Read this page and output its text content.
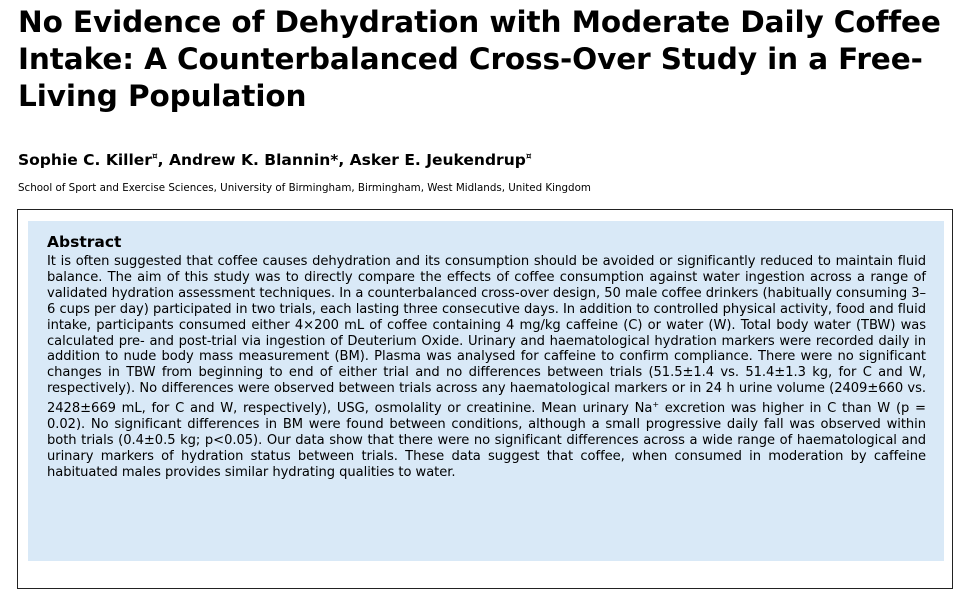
No Evidence of Dehydration with Moderate Daily Coffee Intake: A Counterbalanced Cross-Over Study in a Free-Living Population

Sophie C. Killer¤, Andrew K. Blannin*, Asker E. Jeukendrup¤

School of Sport and Exercise Sciences, University of Birmingham, Birmingham, West Midlands, United Kingdom

Abstract

It is often suggested that coffee causes dehydration and its consumption should be avoided or significantly reduced to maintain fluid balance. The aim of this study was to directly compare the effects of coffee consumption against water ingestion across a range of validated hydration assessment techniques. In a counterbalanced cross-over design, 50 male coffee drinkers (habitually consuming 3–6 cups per day) participated in two trials, each lasting three consecutive days. In addition to controlled physical activity, food and fluid intake, participants consumed either 4×200 mL of coffee containing 4 mg/kg caffeine (C) or water (W). Total body water (TBW) was calculated pre- and post-trial via ingestion of Deuterium Oxide. Urinary and haematological hydration markers were recorded daily in addition to nude body mass measurement (BM). Plasma was analysed for caffeine to confirm compliance. There were no significant changes in TBW from beginning to end of either trial and no differences between trials (51.5±1.4 vs. 51.4±1.3 kg, for C and W, respectively). No differences were observed between trials across any haematological markers or in 24 h urine volume (2409±660 vs. 2428±669 mL, for C and W, respectively), USG, osmolality or creatinine. Mean urinary Na+ excretion was higher in C than W (p = 0.02). No significant differences in BM were found between conditions, although a small progressive daily fall was observed within both trials (0.4±0.5 kg; p<0.05). Our data show that there were no significant differences across a wide range of haematological and urinary markers of hydration status between trials. These data suggest that coffee, when consumed in moderation by caffeine habituated males provides similar hydrating qualities to water.
